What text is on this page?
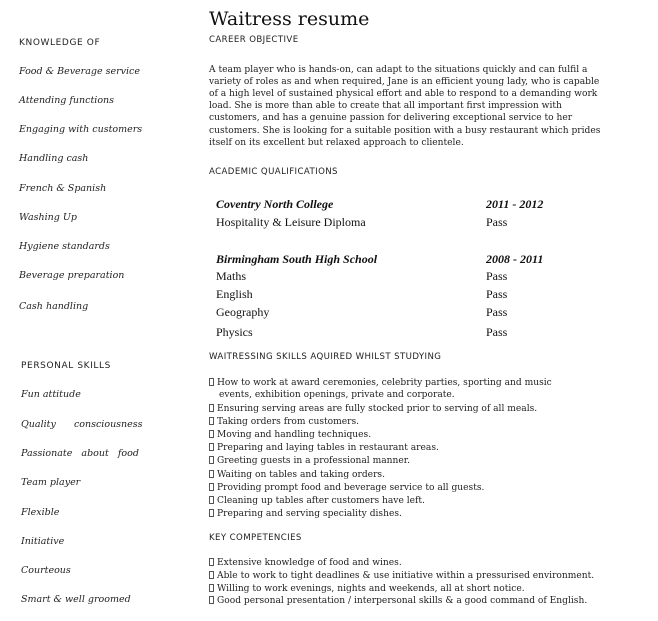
Waitress resume
KNOWLEDGE OF
Food & Beverage service
Attending functions
Engaging with customers
Handling cash
French & Spanish
Washing Up
Hygiene standards
Beverage preparation
Cash handling
PERSONAL SKILLS
Fun attitude
Quality      consciousness
Passionate   about   food
Team player
Flexible
Initiative
Courteous
Smart & well groomed
CAREER OBJECTIVE
A team player who is hands-on, can adapt to the situations quickly and can fulfil a
variety of roles as and when required, Jane is an efficient young lady, who is capable
of a high level of sustained physical effort and able to respond to a demanding work
load. She is more than able to create that all important first impression with
customers, and has a genuine passion for delivering exceptional service to her
customers. She is looking for a suitable position with a busy restaurant which prides
itself on its excellent but relaxed approach to clientele.
ACADEMIC QUALIFICATIONS
Coventry North College	2011 - 2012
Hospitality & Leisure Diploma	Pass
Birmingham South High School	2008 - 2011
Maths	Pass
English	Pass
Geography	Pass
Physics	Pass
WAITRESSING SKILLS AQUIRED WHILST STUDYING
How to work at award ceremonies, celebrity parties, sporting and music
events, exhibition openings, private and corporate.
Ensuring serving areas are fully stocked prior to serving of all meals.
Taking orders from customers.
Moving and handling techniques.
Preparing and laying tables in restaurant areas.
Greeting guests in a professional manner.
Waiting on tables and taking orders.
Providing prompt food and beverage service to all guests.
Cleaning up tables after customers have left.
Preparing and serving speciality dishes.
KEY COMPETENCIES
Extensive knowledge of food and wines.
Able to work to tight deadlines & use initiative within a pressurised environment.
Willing to work evenings, nights and weekends, all at short notice.
Good personal presentation / interpersonal skills & a good command of English.
